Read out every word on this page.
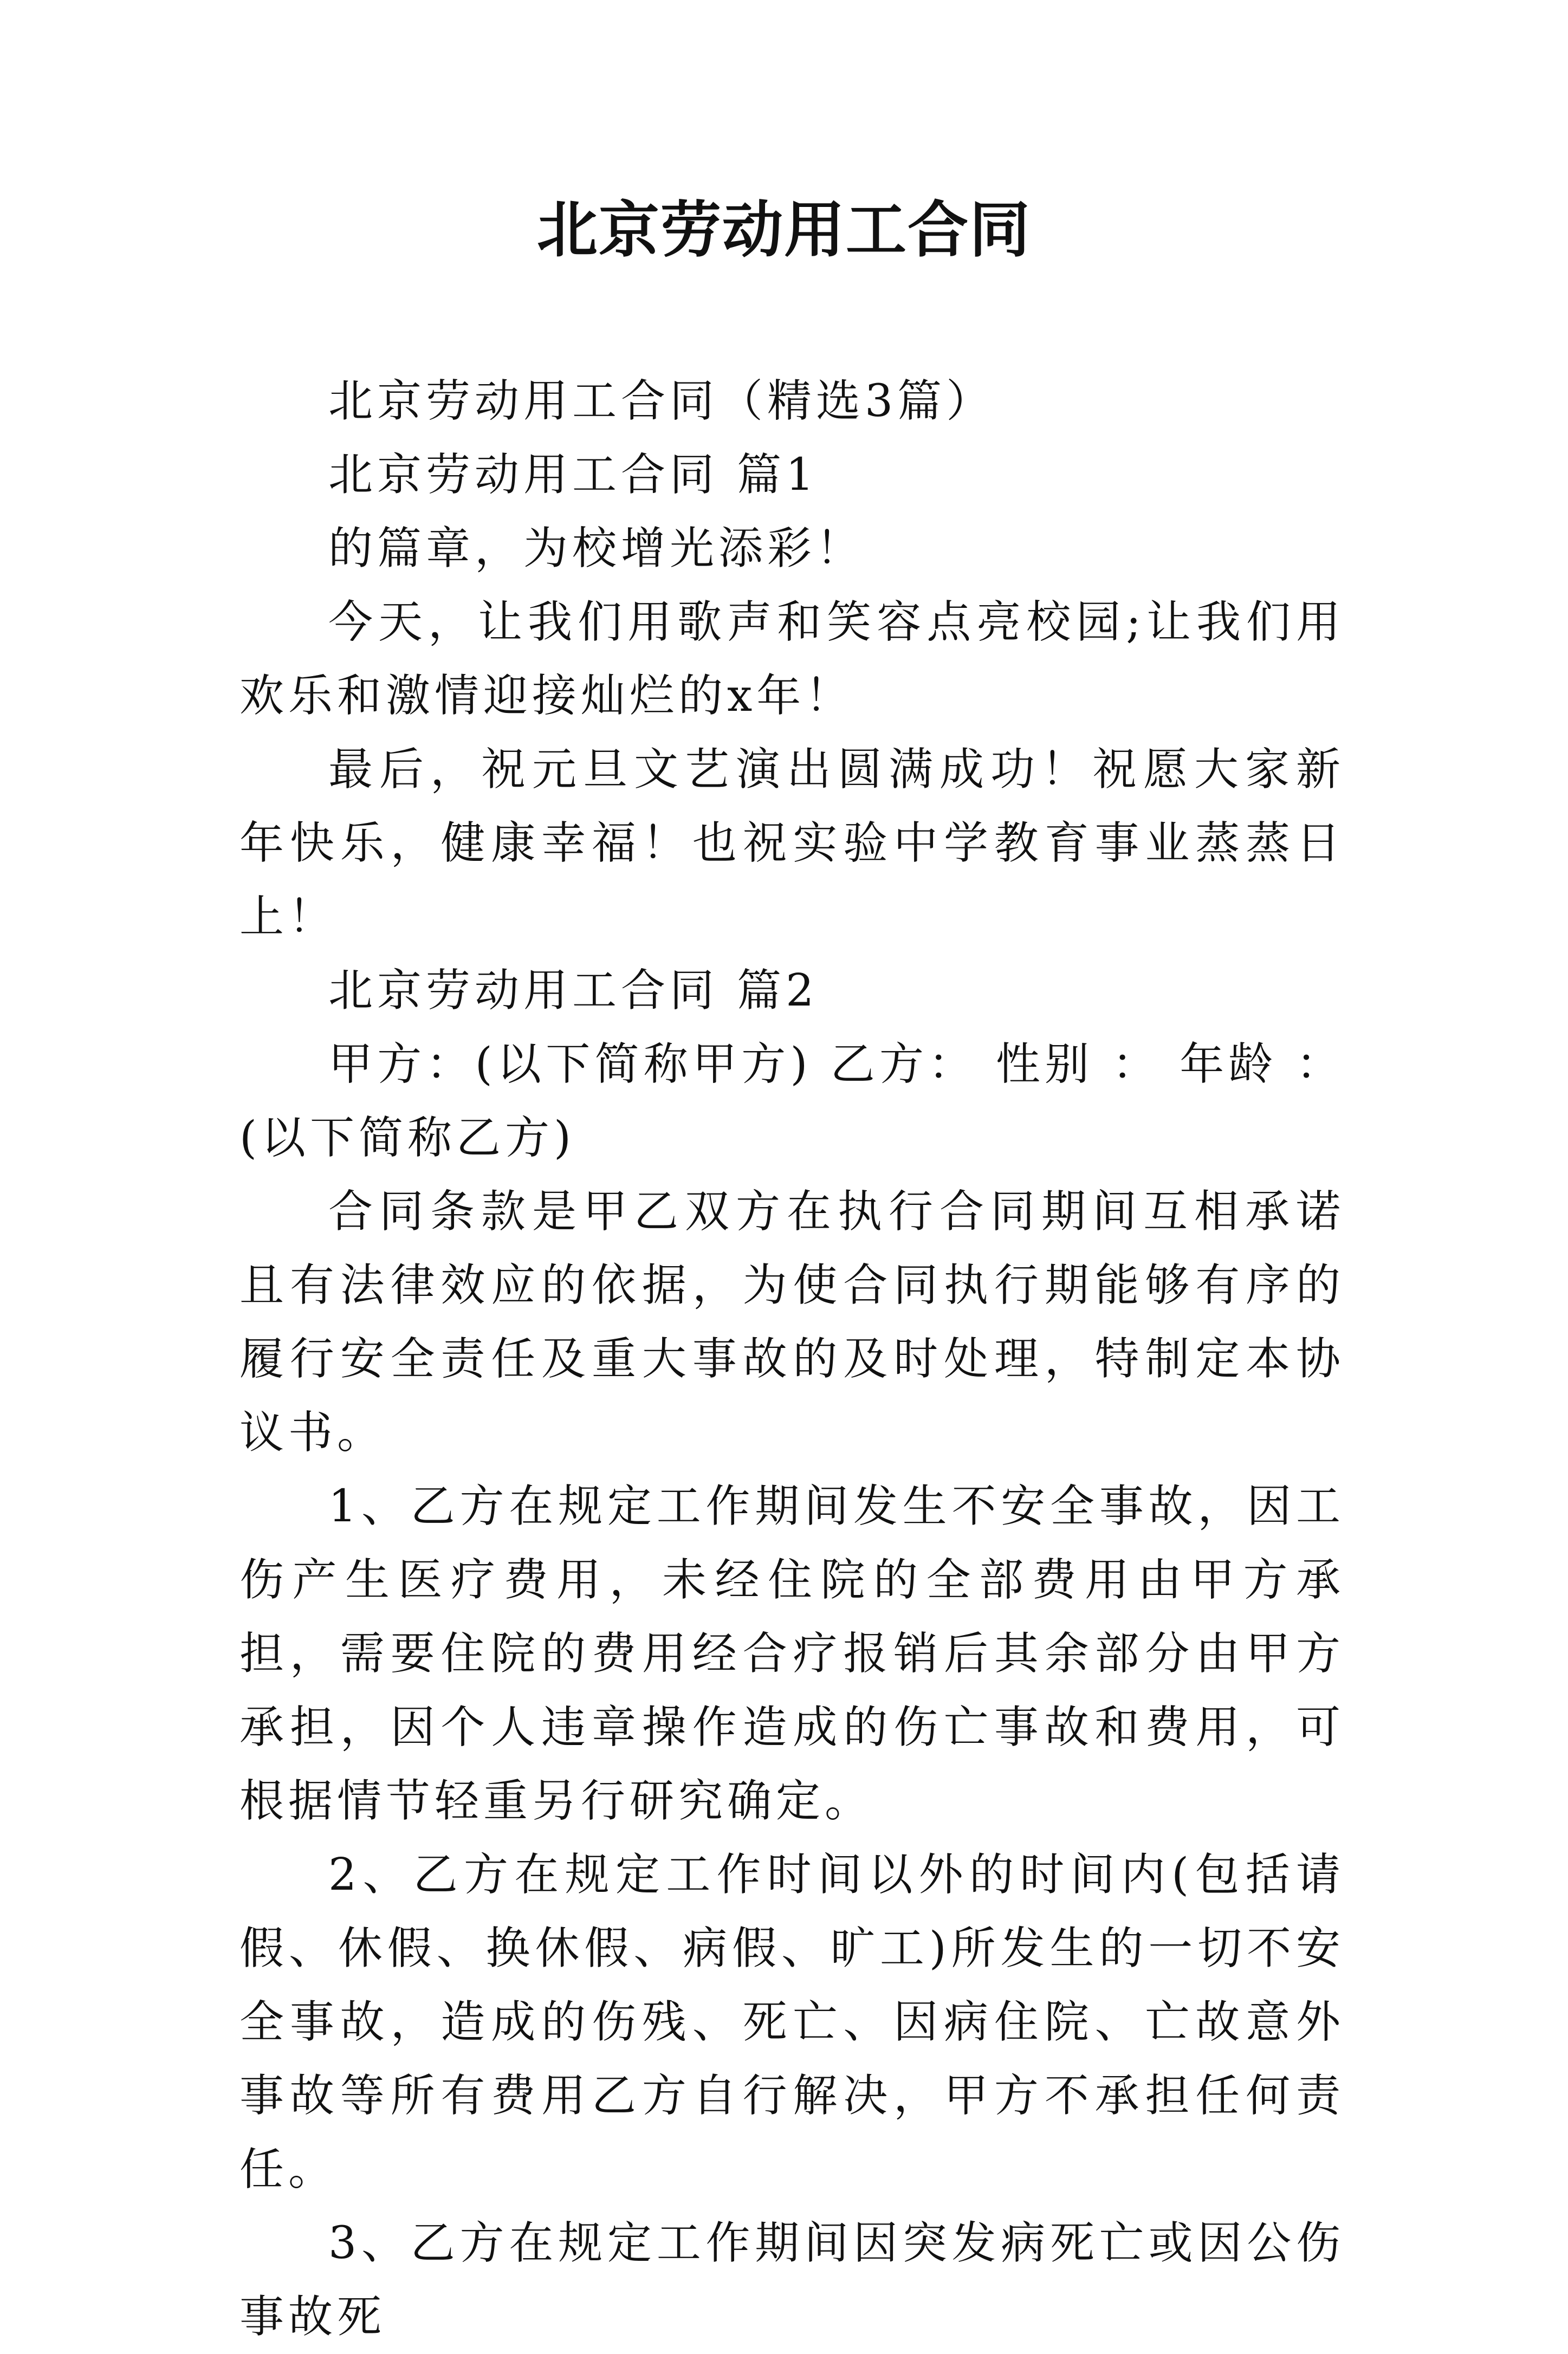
北京劳动用工合同

北京劳动用工合同（精选3篇）

北京劳动用工合同 篇1

的篇章，为校增光添彩！

今天，让我们用歌声和笑容点亮校园;让我们用欢乐和激情迎接灿烂的x年！

最后，祝元旦文艺演出圆满成功！祝愿大家新年快乐，健康幸福！也祝实验中学教育事业蒸蒸日上！

北京劳动用工合同 篇2

甲方：(以下简称甲方) 乙方： 性别 ： 年龄 ： (以下简称乙方)

合同条款是甲乙双方在执行合同期间互相承诺且有法律效应的依据，为使合同执行期能够有序的履行安全责任及重大事故的及时处理，特制定本协议书。

1、乙方在规定工作期间发生不安全事故，因工伤产生医疗费用，未经住院的全部费用由甲方承担，需要住院的费用经合疗报销后其余部分由甲方承担，因个人违章操作造成的伤亡事故和费用，可根据情节轻重另行研究确定。

2、乙方在规定工作时间以外的时间内(包括请假、休假、换休假、病假、旷工)所发生的一切不安全事故，造成的伤残、死亡、因病住院、亡故意外事故等所有费用乙方自行解决，甲方不承担任何责任。

3、乙方在规定工作期间因突发病死亡或因公伤事故死
